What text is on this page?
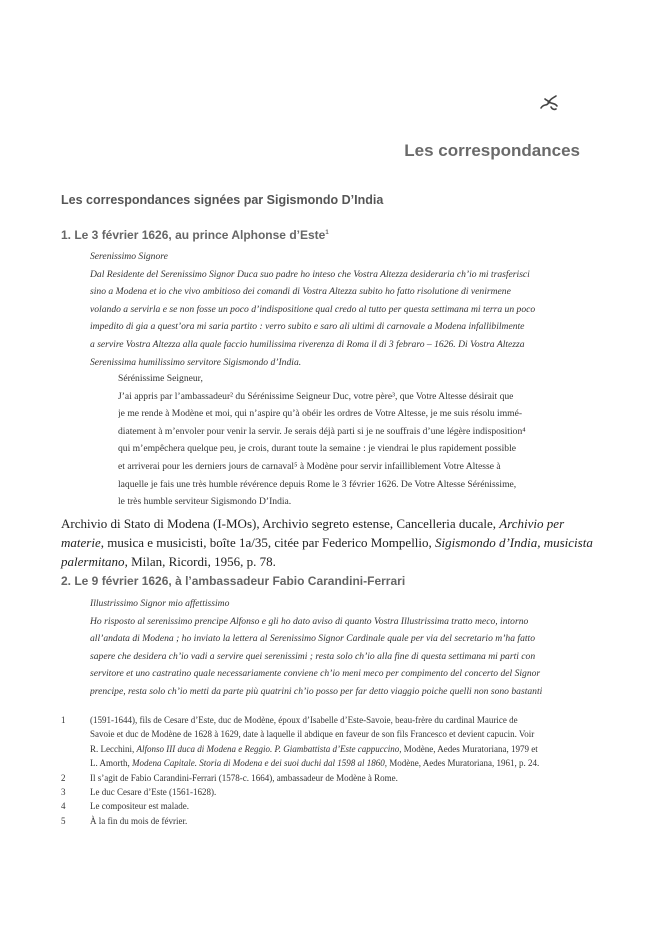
Les correspondances
Les correspondances signées par Sigismondo D’India
1. Le 3 février 1626, au prince Alphonse d’Este$^1$

Serenissimo Signore

Dal Residente del Serenissimo Signor Duca suo padre ho inteso che Vostra Altezza desideraria ch’io mi trasferisci

sino a Modena et io che vivo ambitioso dei comandi di Vostra Altezza subito ho fatto risolutione di venirmene

volando a servirla e se non fosse un poco d’indispositione qual credo al tutto per questa settimana mi terra un poco

impedito di gia a quest’ora mi saria partito : verro subito e saro ali ultimi di carnovale a Modena infallibilmente

a servire Vostra Altezza alla quale faccio humilissima riverenza di Roma il di 3 febraro – 1626. Di Vostra Altezza

Serenissima humilissimo servitore Sigismondo d’India.

Sérénissime Seigneur,

J’ai appris par l’ambassadeur² du Sérénissime Seigneur Duc, votre père³, que Votre Altesse désirait que

je me rende à Modène et moi, qui n’aspire qu’à obéir les ordres de Votre Altesse, je me suis résolu immé-

diatement à m’envoler pour venir la servir. Je serais déjà parti si je ne souffrais d’une légère indisposition⁴

qui m’empêchera quelque peu, je crois, durant toute la semaine : je viendrai le plus rapidement possible

et arriverai pour les derniers jours de carnaval⁵ à Modène pour servir infailliblement Votre Altesse à

laquelle je fais une très humble révérence depuis Rome le 3 février 1626. De Votre Altesse Sérénissime,

le très humble serviteur Sigismondo D’India.

Archivio di Stato di Modena (I-MOs), Archivio segreto estense, Cancelleria ducale, Archivio per

materie, musica e musicisti, boîte 1a/35, citée par Federico Mompellio, Sigismondo d’India, musicista

palermitano, Milan, Ricordi, 1956, p. 78.

2. Le 9 février 1626, à l’ambassadeur Fabio Carandini-Ferrari

Illustrissimo Signor mio affettissimo

Ho risposto al serenissimo prencipe Alfonso e gli ho dato aviso di quanto Vostra Illustrissima tratto meco, intorno

all’andata di Modena ; ho inviato la lettera al Serenissimo Signor Cardinale quale per via del secretario m’ha fatto

sapere che desidera ch’io vadi a servire quei serenissimi ; resta solo ch’io alla fine di questa settimana mi parti con

servitore et uno castratino quale necessariamente conviene ch’io meni meco per compimento del concerto del Signor

prencipe, resta solo ch’io metti da parte più quatrini ch’io posso per far detto viaggio poiche quelli non sono bastanti

1	(1591-1644), fils de Cesare d’Este, duc de Modène, époux d’Isabelle d’Este-Savoie, beau-frère du cardinal Maurice de

Savoie et duc de Modène de 1628 à 1629, date à laquelle il abdique en faveur de son fils Francesco et devient capucin. Voir

R. Lecchini, Alfonso III duca di Modena e Reggio. P. Giambattista d’Este cappuccino, Modène, Aedes Muratoriana, 1979 et

L. Amorth, Modena Capitale. Storia di Modena e dei suoi duchi dal 1598 al 1860, Modène, Aedes Muratoriana, 1961, p. 24.

2	Il s’agit de Fabio Carandini-Ferrari (1578-c. 1664), ambassadeur de Modène à Rome.

3	Le duc Cesare d’Este (1561-1628).

4	Le compositeur est malade.

5	À la fin du mois de février.
